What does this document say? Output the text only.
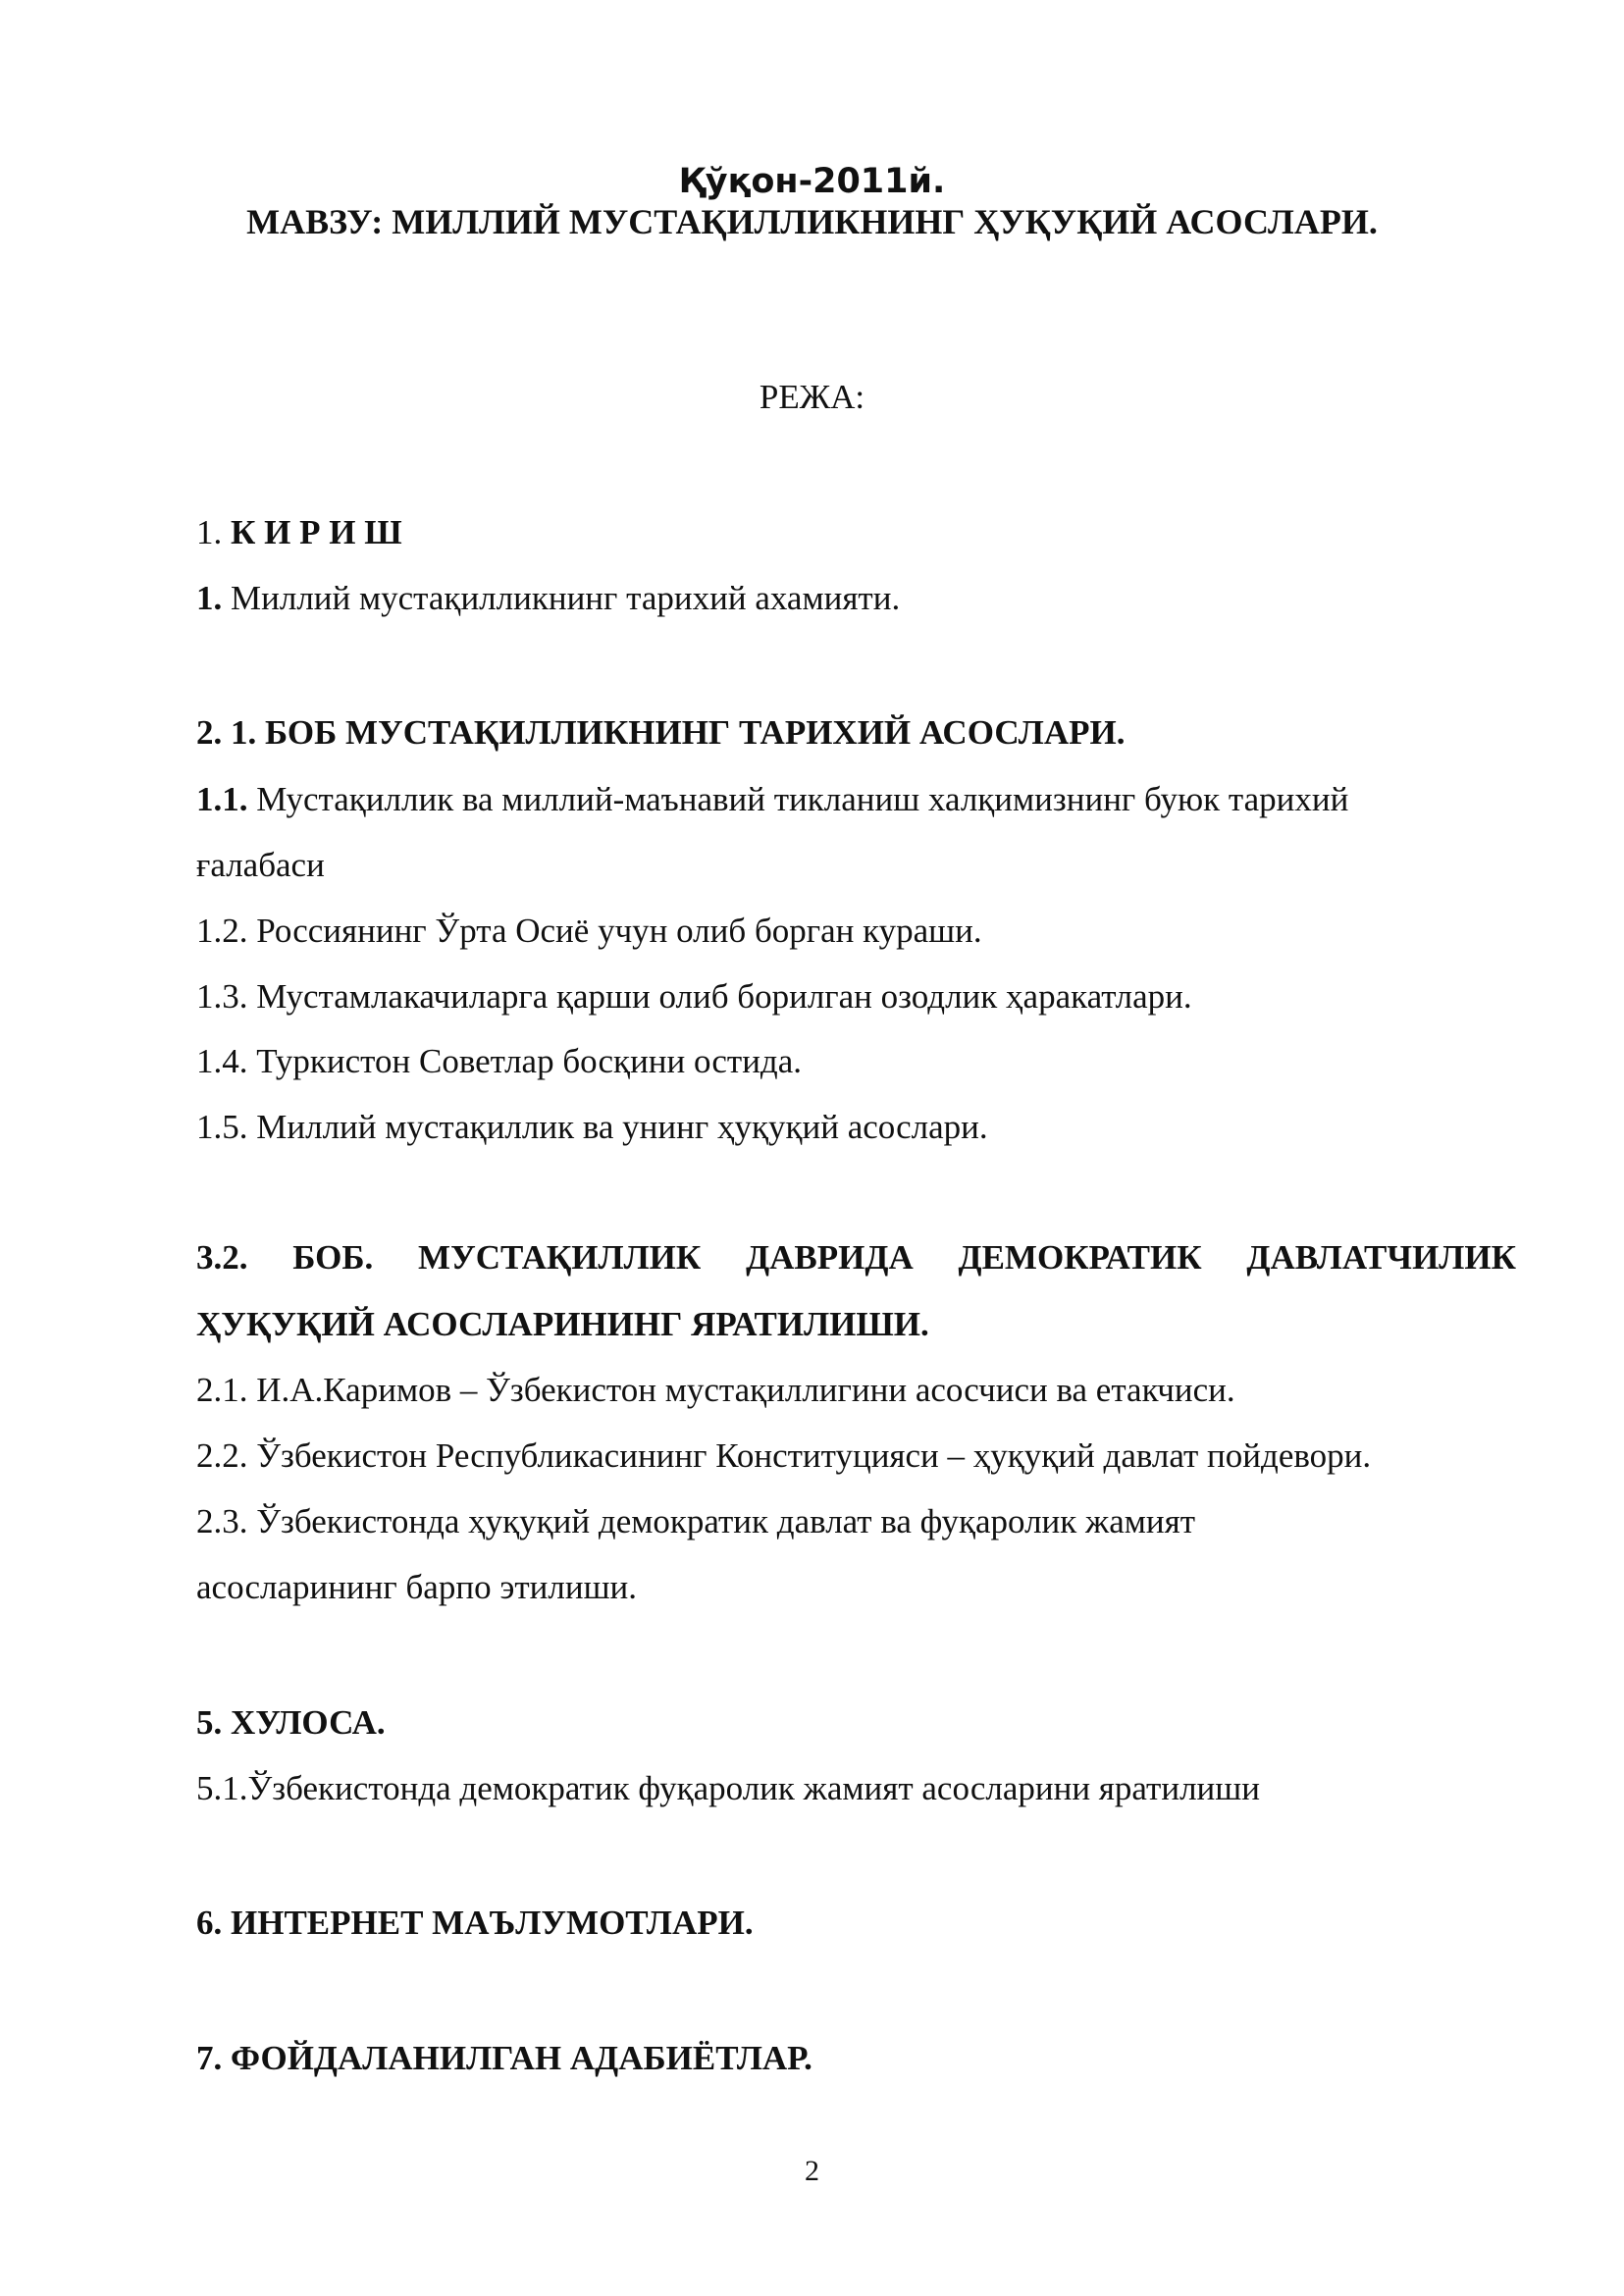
Қўқон-2011й.
МАВЗУ: МИЛЛИЙ МУСТАҚИЛЛИКНИНГ ҲУҚУҚИЙ АСОСЛАРИ.
РЕЖА:
1. К И Р И Ш
1. Миллий мустақилликнинг тарихий ахамияти.
2. 1. БОБ МУСТАҚИЛЛИКНИНГ ТАРИХИЙ АСОСЛАРИ.
1.1. Мустақиллик ва миллий-маънавий тикланиш халқимизнинг буюк тарихий
ғалабаси
1.2. Россиянинг Ўрта Осиё учун олиб борган кураши.
1.3. Мустамлакачиларга қарши олиб борилган озодлик ҳаракатлари.
1.4. Туркистон Советлар босқини остида.
1.5. Миллий мустақиллик ва унинг ҳуқуқий асослари.
3.2. БОБ. МУСТАҚИЛЛИК ДАВРИДА ДЕМОКРАТИК ДАВЛАТЧИЛИК
ҲУҚУҚИЙ АСОСЛАРИНИНГ ЯРАТИЛИШИ.
2.1. И.А.Каримов – Ўзбекистон мустақиллигини асосчиси ва етакчиси.
2.2. Ўзбекистон Республикасининг Конституцияси – ҳуқуқий давлат пойдевори.
2.3. Ўзбекистонда ҳуқуқий демократик давлат ва фуқаролик жамият
асосларининг барпо этилиши.
5. ХУЛОСА.
5.1.Ўзбекистонда демократик фуқаролик жамият асосларини яратилиши
6. ИНТЕРНЕТ МАЪЛУМОТЛАРИ.
7. ФОЙДАЛАНИЛГАН АДАБИЁТЛАР.
2
